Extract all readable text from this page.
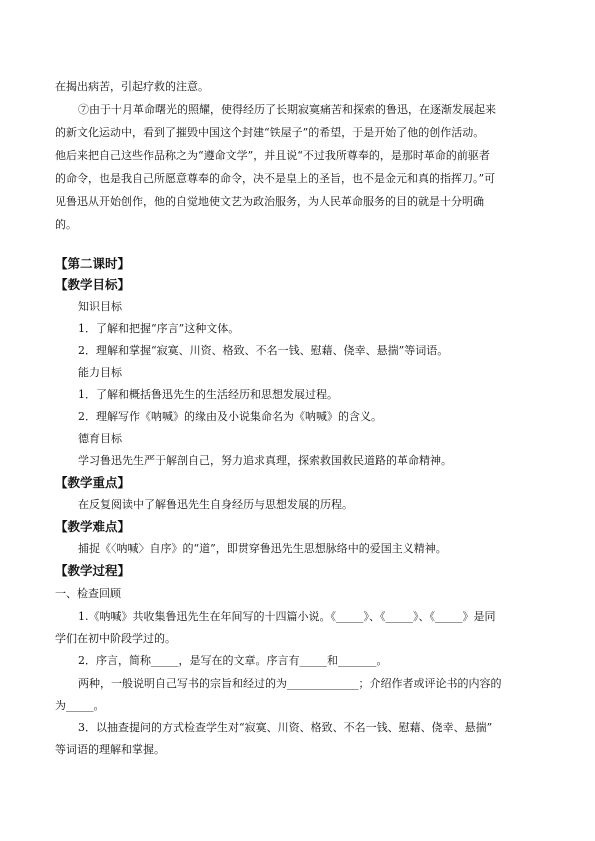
在揭出病苦，引起疗救的注意。
⑦由于十月革命曙光的照耀，使得经历了长期寂寞痛苦和探索的鲁迅，在逐渐发展起来
的新文化运动中，看到了摧毁中国这个封建“铁屋子”的希望，于是开始了他的创作活动。
他后来把自己这些作品称之为“遵命文学”，并且说“不过我所尊奉的，是那时革命的前驱者
的命令，也是我自己所愿意尊奉的命令，决不是皇上的圣旨，也不是金元和真的指挥刀。”可
见鲁迅从开始创作，他的自觉地使文艺为政治服务，为人民革命服务的目的就是十分明确
的。
【第二课时】
【教学目标】
知识目标
1．了解和把握“序言”这种文体。
2．理解和掌握“寂寞、川资、格致、不名一钱、慰藉、侥幸、悬揣”等词语。
能力目标
1．了解和概括鲁迅先生的生活经历和思想发展过程。
2．理解写作《呐喊》的缘由及小说集命名为《呐喊》的含义。
德育目标
学习鲁迅先生严于解剖自己，努力追求真理，探索救国救民道路的革命精神。
【教学重点】
在反复阅读中了解鲁迅先生自身经历与思想发展的历程。
【教学难点】
捕捉《〈呐喊〉自序》的“道”，即贯穿鲁迅先生思想脉络中的爱国主义精神。
【教学过程】
一、检查回顾
1.《呐喊》共收集鲁迅先生在年间写的十四篇小说。《_____》、《_____》、《_____》是同
学们在初中阶段学过的。
2．序言，简称_____，是写在的文章。序言有_____和_______。
两种，一般说明自己写书的宗旨和经过的为_____________；介绍作者或评论书的内容的
为_____。
3．以抽查提问的方式检查学生对“寂寞、川资、格致、不名一钱、慰藉、侥幸、悬揣”
等词语的理解和掌握。
